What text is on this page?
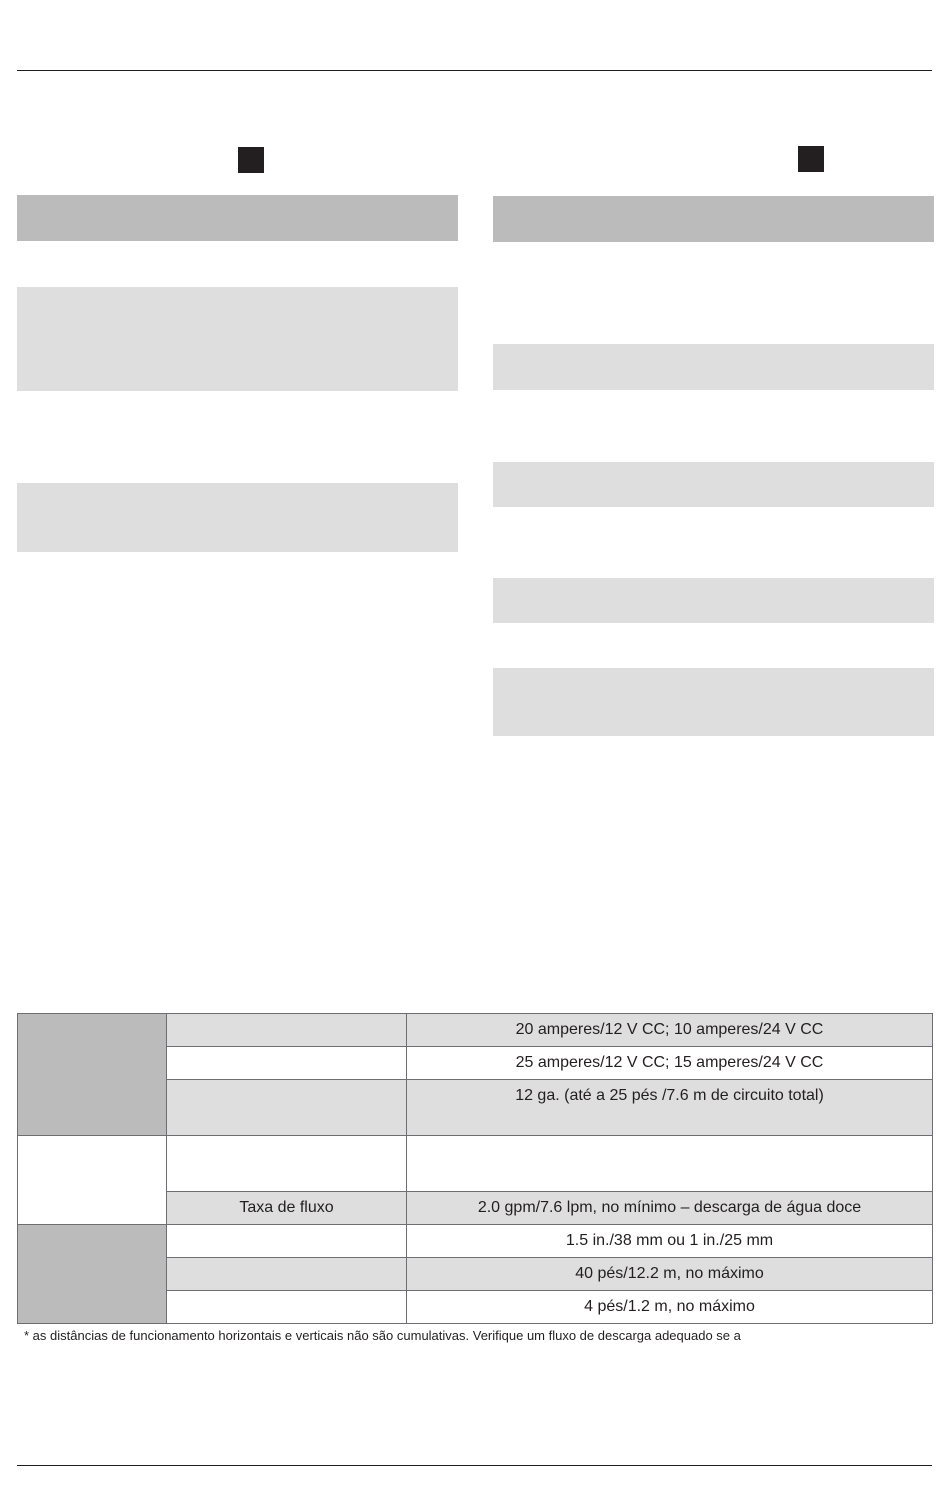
		20 amperes/12 V CC; 10 amperes/24 V CC
		25 amperes/12 V CC; 15 amperes/24 V CC
		12 ga. (até a 25 pés /7.6 m de circuito total)

	Taxa de fluxo	2.0 gpm/7.6 lpm, no mínimo – descarga de água doce
		1.5 in./38 mm ou 1 in./25 mm
		40 pés/12.2 m, no máximo
		4 pés/1.2 m, no máximo
* as distâncias de funcionamento horizontais e verticais não são cumulativas. Verifique um fluxo de descarga adequado se a
